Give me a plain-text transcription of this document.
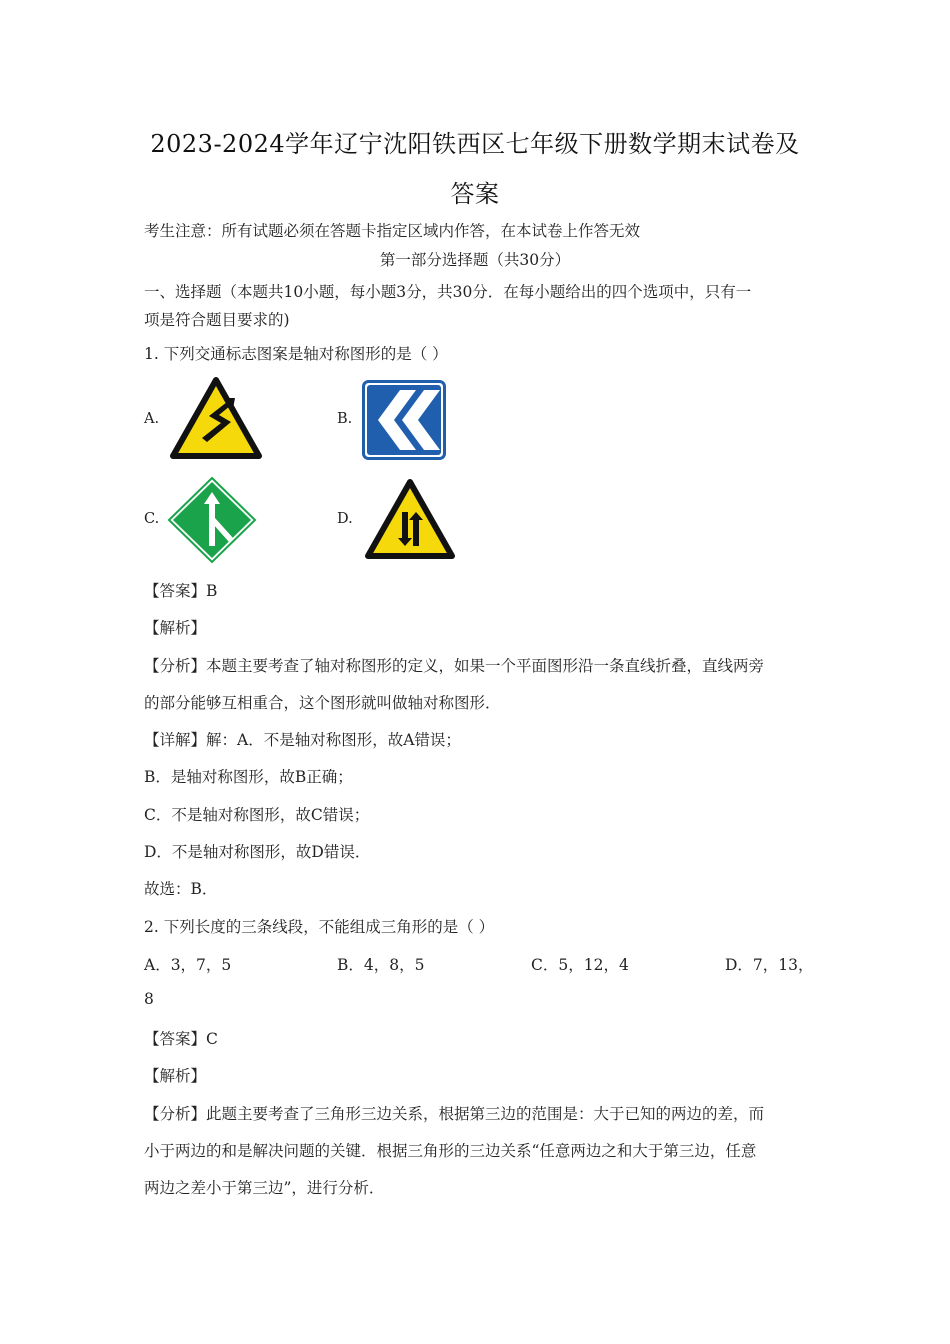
2023-2024学年辽宁沈阳铁西区七年级下册数学期末试卷及
答案
考生注意：所有试题必须在答题卡指定区域内作答，在本试卷上作答无效
第一部分选择题（共30分）
一、选择题（本题共10小题，每小题3分，共30分．在每小题给出的四个选项中，只有一
项是符合题目要求的)
1. 下列交通标志图案是轴对称图形的是（ ）
A.	B.
C.	D.
【答案】B
【解析】
【分析】本题主要考查了轴对称图形的定义，如果一个平面图形沿一条直线折叠，直线两旁
的部分能够互相重合，这个图形就叫做轴对称图形．
【详解】解：A．不是轴对称图形，故A错误；
B．是轴对称图形，故B正确；
C．不是轴对称图形，故C错误；
D．不是轴对称图形，故D错误．
故选：B．
2. 下列长度的三条线段，不能组成三角形的是（ ）
A．3，7，5	B．4，8，5	C．5，12，4	D．7，13，
8
【答案】C
【解析】
【分析】此题主要考查了三角形三边关系，根据第三边的范围是：大于已知的两边的差，而
小于两边的和是解决问题的关键．根据三角形的三边关系“任意两边之和大于第三边，任意
两边之差小于第三边”，进行分析．
